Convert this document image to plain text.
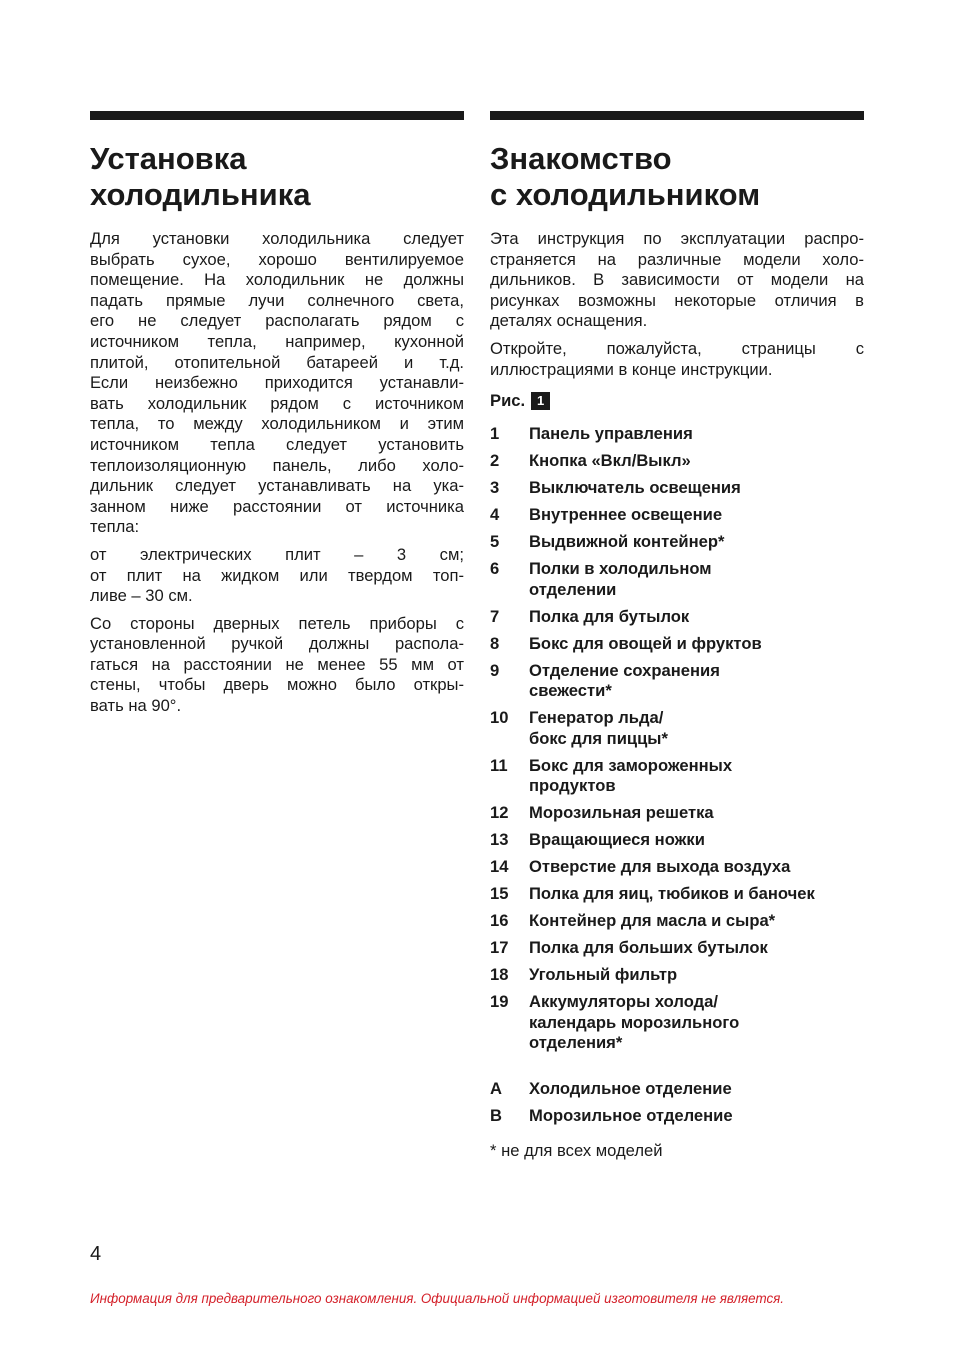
Установка
холодильника
Для установки холодильника следует
выбрать сухое, хорошо вентилируемое
помещение. На холодильник не должны
падать прямые лучи солнечного света,
его не следует располагать рядом с
источником тепла, например, кухонной
плитой, отопительной батареей и т.д.
Если неизбежно приходится устанавли-
вать холодильник рядом с источником
тепла, то между холодильником и этим
источником тепла следует установить
теплоизоляционную панель, либо холо-
дильник следует устанавливать на ука-
занном ниже расстоянии от источника
тепла:
от электрических плит – 3 см;
от плит на жидком или твердом топ-
ливе – 30 см.
Со стороны дверных петель приборы с
установленной ручкой должны распола-
гаться на расстоянии не менее 55 мм от
стены, чтобы дверь можно было откры-
вать на 90°.
Знакомство
с холодильником
Эта инструкция по эксплуатации распро-
страняется на различные модели холо-
дильников. В зависимости от модели на
рисунках возможны некоторые отличия в
деталях оснащения.
Откройте, пожалуйста, страницы с
иллюстрациями в конце инструкции.
Рис. 1
1	Панель управления
2	Кнопка «Вкл/Выкл»
3	Выключатель освещения
4	Внутреннее освещение
5	Выдвижной контейнер*
6	Полки в холодильном
отделении
7	Полка для бутылок
8	Бокс для овощей и фруктов
9	Отделение сохранения
свежести*
10	Генератор льда/
бокс для пиццы*
11	Бокс для замороженных
продуктов
12	Морозильная решетка
13	Вращающиеся ножки
14	Отверстие для выхода воздуха
15	Полка для яиц, тюбиков и баночек
16	Контейнер для масла и сыра*
17	Полка для больших бутылок
18	Угольный фильтр
19	Аккумуляторы холода/
календарь морозильного
отделения*
A	Холодильное отделение
B	Морозильное отделение
* не для всех моделей
4
Информация для предварительного ознакомления. Официальной информацией изготовителя не является.
